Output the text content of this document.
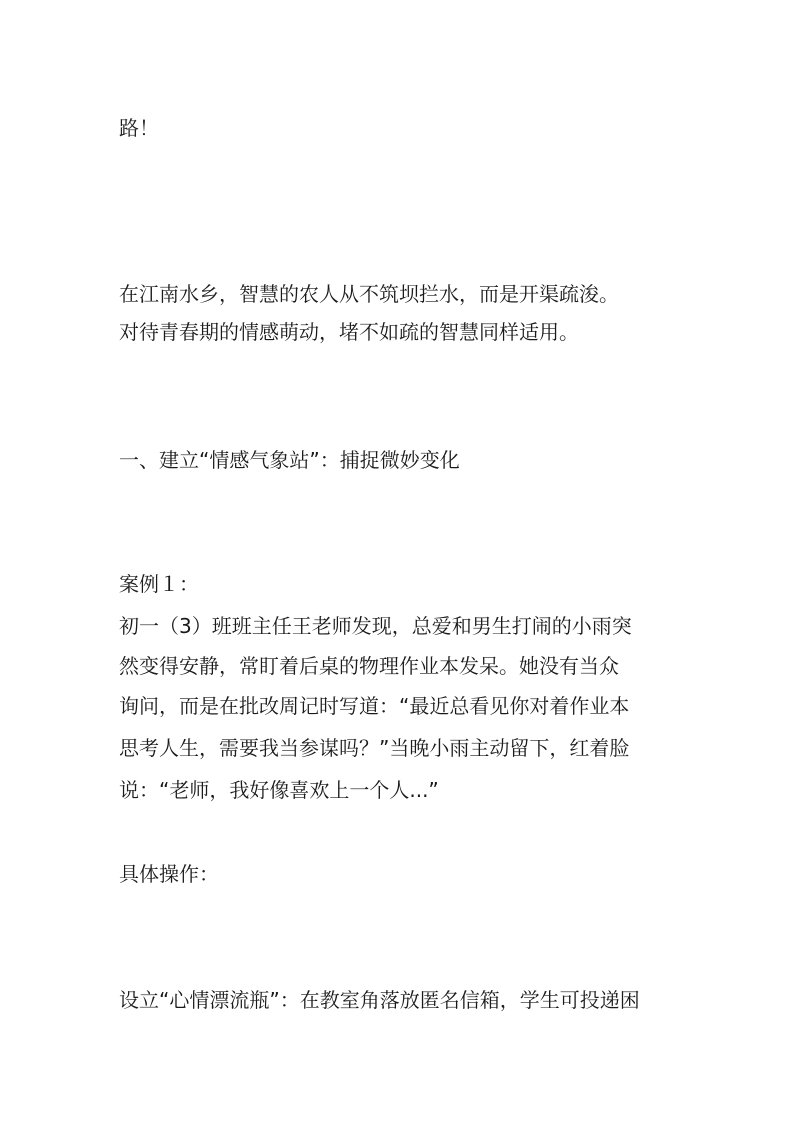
路！
在江南水乡，智慧的农人从不筑坝拦水，而是开渠疏浚。
对待青春期的情感萌动，堵不如疏的智慧同样适用。
一、建立“情感气象站”：捕捉微妙变化
案例１：
初一（3）班班主任王老师发现，总爱和男生打闹的小雨突
然变得安静，常盯着后桌的物理作业本发呆。她没有当众
询问，而是在批改周记时写道：“最近总看见你对着作业本
思考人生，需要我当参谋吗？”当晚小雨主动留下，红着脸
说：“老师，我好像喜欢上一个人...”
具体操作：
设立“心情漂流瓶”：在教室角落放匿名信箱，学生可投递困
